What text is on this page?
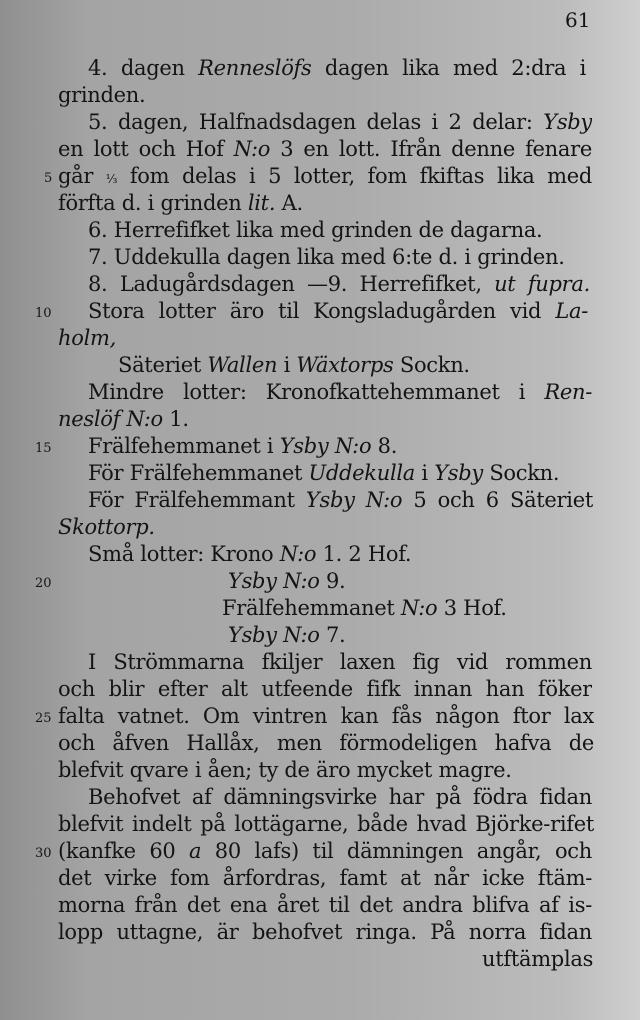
61
4. dagen Renneslöfs dagen lika med 2:dra i
grinden.
5. dagen, Halfnadsdagen delas i 2 delar: Ysby
en lott och Hof N:o 3 en lott. Ifrån denne fenare
går ⅓ fom delas i 5 lotter, fom fkiftas lika med
5
förfta d. i grinden lit. A.
6. Herrefifket lika med grinden de dagarna.
7. Uddekulla dagen lika med 6:te d. i grinden.
8. Ladugårdsdagen —9. Herrefifket, ut fupra.
Stora lotter äro til Kongsladugården vid La-
10
holm,
Säteriet Wallen i Wäxtorps Sockn.
Mindre lotter: Kronofkattehemmanet i Ren-
neslöf N:o 1.
Frälfehemmanet i Ysby N:o 8.
15
För Frälfehemmanet Uddekulla i Ysby Sockn.
För Frälfehemmant Ysby N:o 5 och 6 Säteriet
Skottorp.
Små lotter: Krono N:o 1. 2 Hof.
Ysby N:o 9.
20
Frälfehemmanet N:o 3 Hof.
Ysby N:o 7.
I Strömmarna fkiljer laxen fig vid rommen
och blir efter alt utfeende fifk innan han föker
falta vatnet. Om vintren kan fås någon ftor lax
25
och åfven Hallåx, men förmodeligen hafva de
blefvit qvare i åen; ty de äro mycket magre.
Behofvet af dämningsvirke har på födra fidan
blefvit indelt på lottägarne, både hvad Björke-rifet
(kanfke 60 a 80 lafs) til dämningen angår, och
30
det virke fom årfordras, famt at når icke ftäm-
morna från det ena året til det andra blifva af is-
lopp uttagne, är behofvet ringa. På norra fidan
utftämplas
